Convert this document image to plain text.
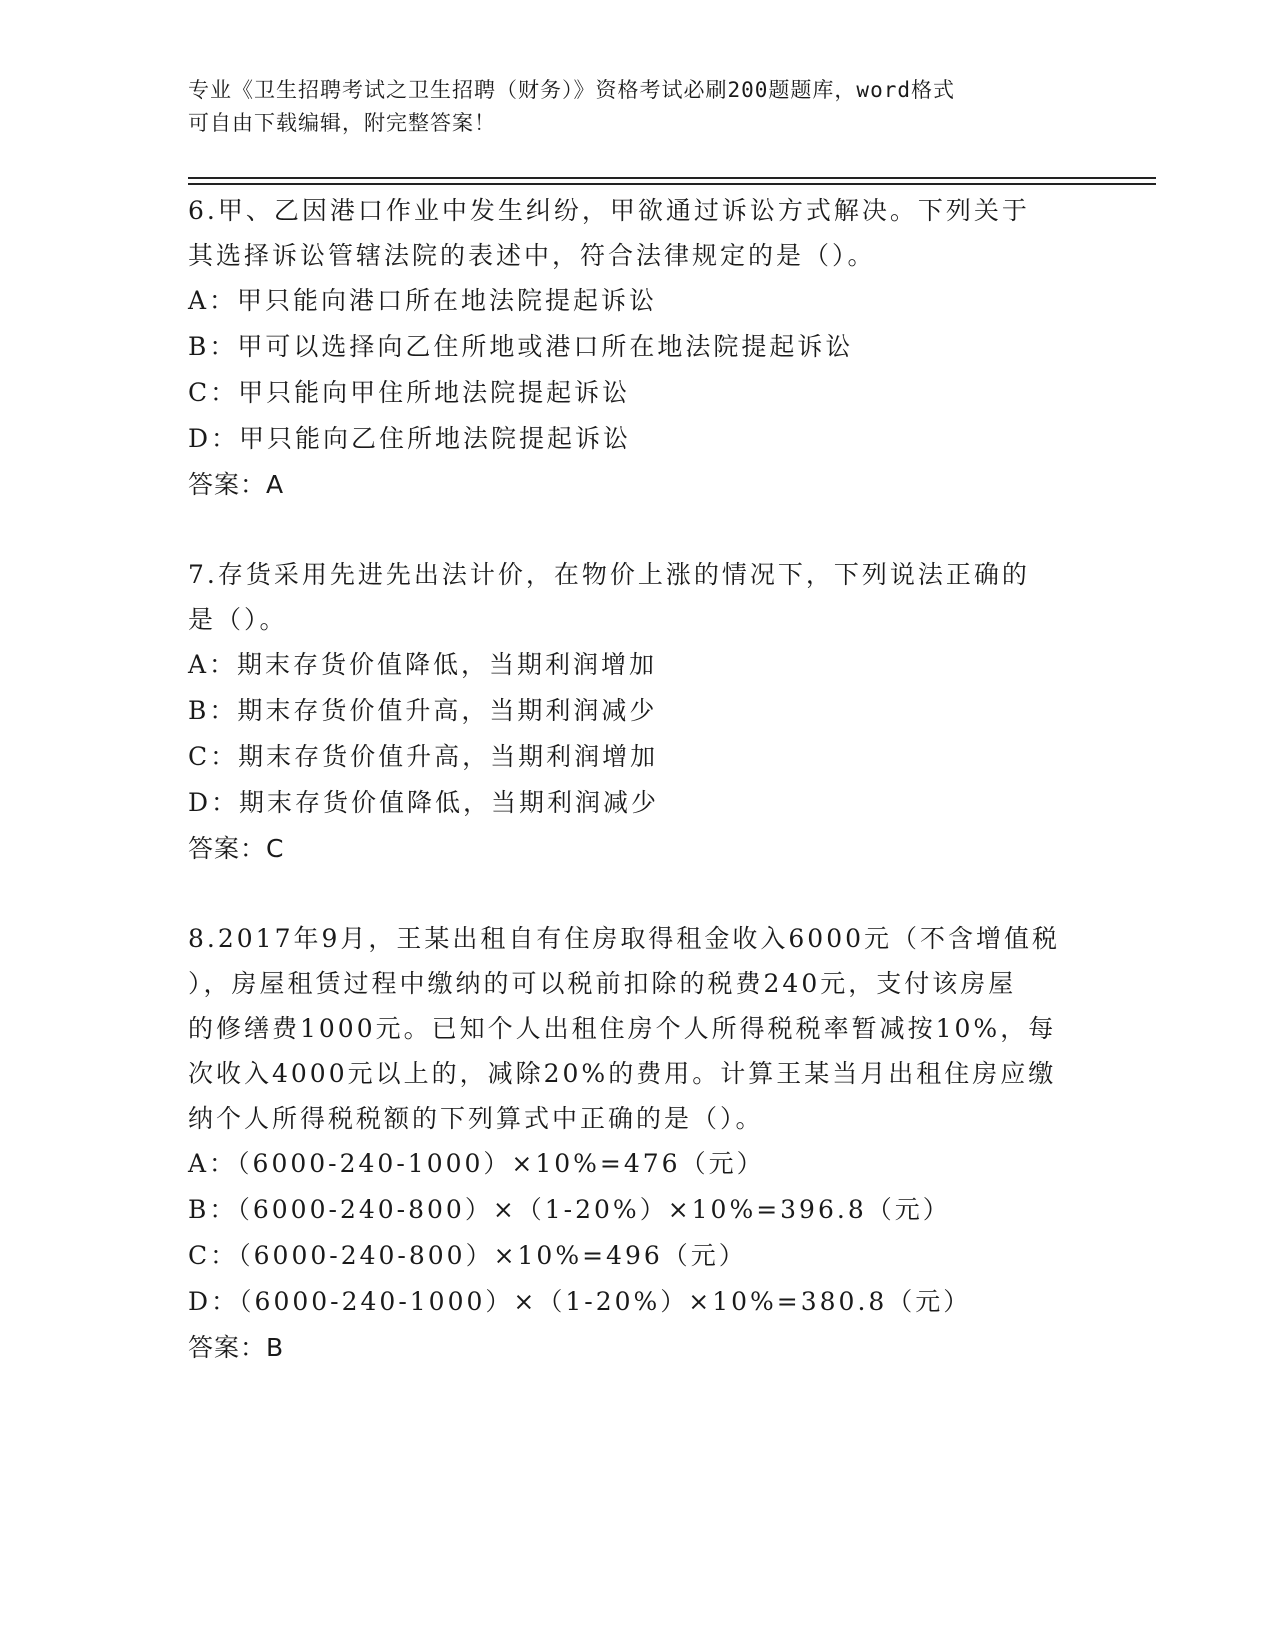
专业《卫生招聘考试之卫生招聘（财务）》资格考试必刷200题题库，word格式
可自由下载编辑，附完整答案！
6.甲、乙因港口作业中发生纠纷，甲欲通过诉讼方式解决。下列关于
其选择诉讼管辖法院的表述中，符合法律规定的是（）。
A：甲只能向港口所在地法院提起诉讼
B：甲可以选择向乙住所地或港口所在地法院提起诉讼
C：甲只能向甲住所地法院提起诉讼
D：甲只能向乙住所地法院提起诉讼
答案：A
7.存货采用先进先出法计价，在物价上涨的情况下，下列说法正确的
是（）。
A：期末存货价值降低，当期利润增加
B：期末存货价值升高，当期利润减少
C：期末存货价值升高，当期利润增加
D：期末存货价值降低，当期利润减少
答案：C
8.2017年9月，王某出租自有住房取得租金收入6000元（不含增值税
），房屋租赁过程中缴纳的可以税前扣除的税费240元，支付该房屋
的修缮费1000元。已知个人出租住房个人所得税税率暂减按10%，每
次收入4000元以上的，减除20%的费用。计算王某当月出租住房应缴
纳个人所得税税额的下列算式中正确的是（）。
A：（6000-240-1000）×10%=476（元）
B：（6000-240-800）×（1-20%）×10%=396.8（元）
C：（6000-240-800）×10%=496（元）
D：（6000-240-1000）×（1-20%）×10%=380.8（元）
答案：B
